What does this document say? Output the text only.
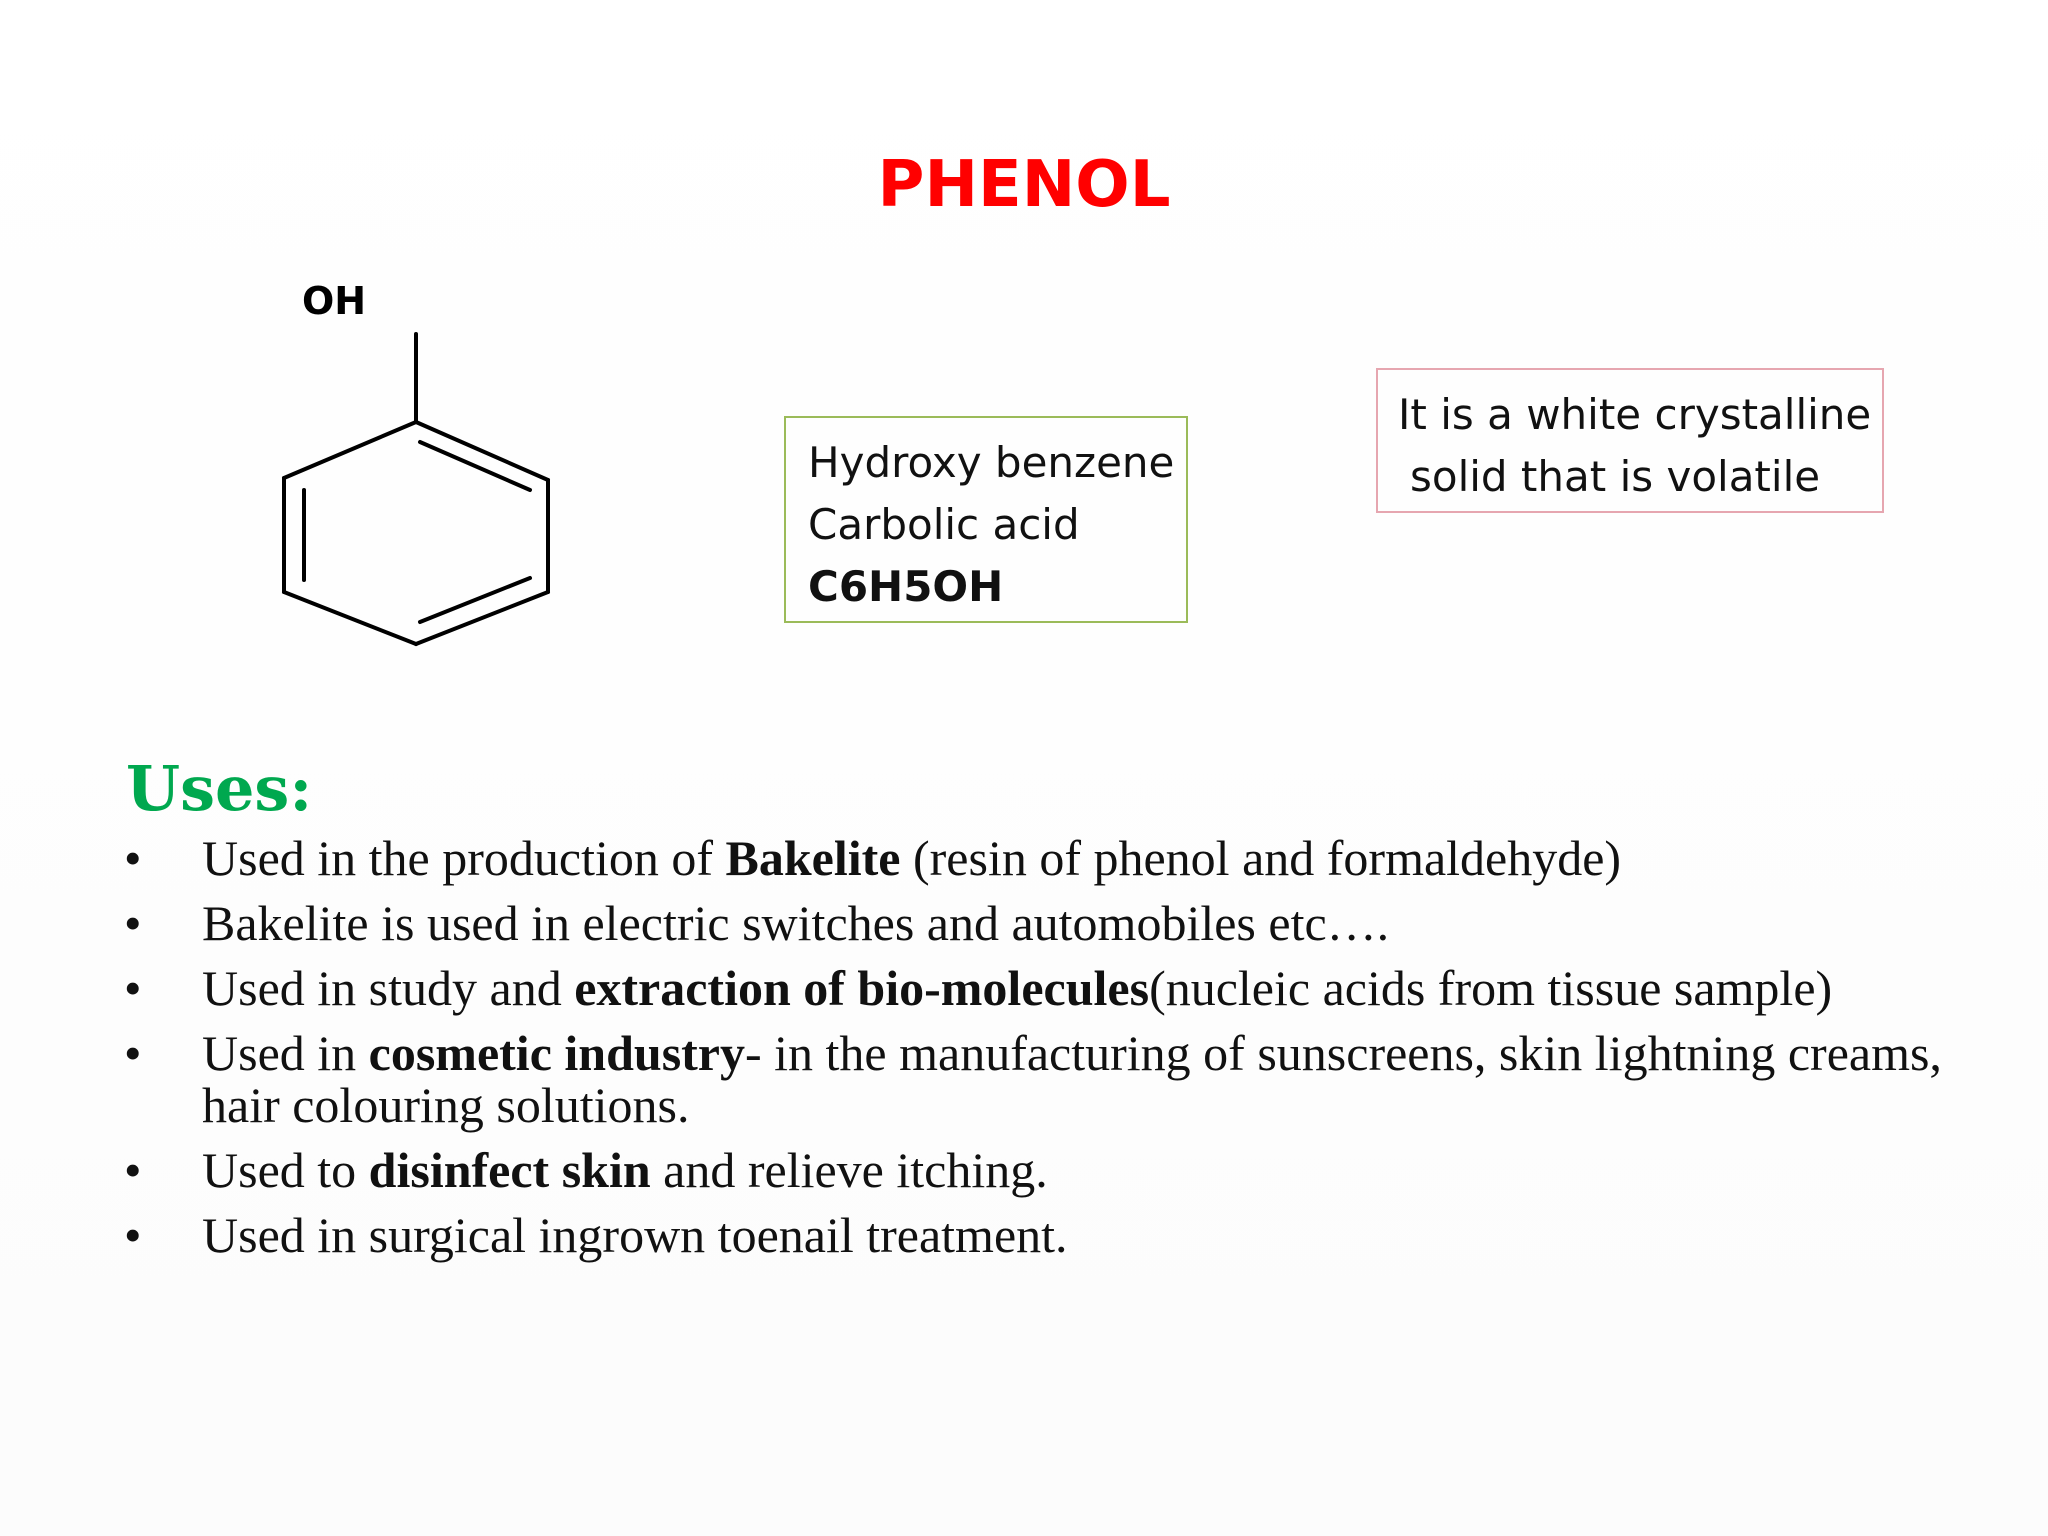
PHENOL
OH
Hydroxy benzene
Carbolic acid
C6H5OH
It is a white crystalline
solid that is volatile
Uses:
• Used in the production of Bakelite (resin of phenol and formaldehyde)
• Bakelite is used in electric switches and automobiles etc….
• Used in study and extraction of bio-molecules(nucleic acids from tissue sample)
• Used in cosmetic industry- in the manufacturing of sunscreens, skin lightning creams, hair colouring solutions.
• Used to disinfect skin and relieve itching.
• Used in surgical ingrown toenail treatment.
